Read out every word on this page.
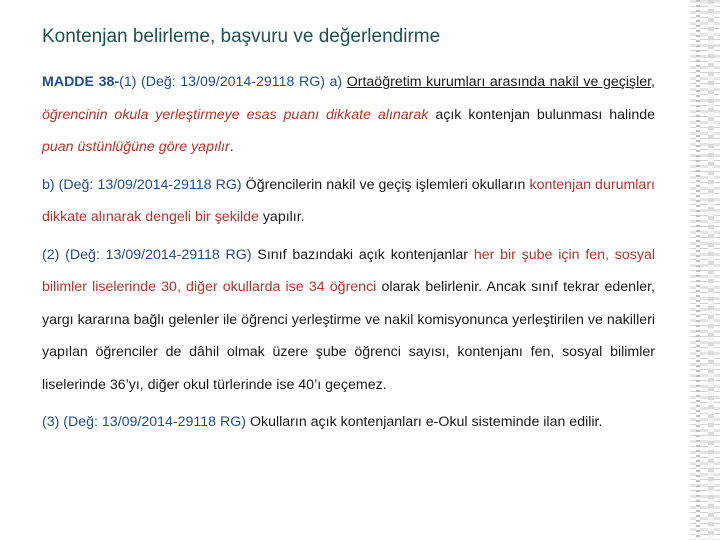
Kontenjan belirleme, başvuru ve değerlendirme

MADDE 38-(1) (Değ: 13/09/2014-29118 RG) a) Ortaöğretim kurumları arasında nakil ve geçişler, öğrencinin okula yerleştirmeye esas puanı dikkate alınarak açık kontenjan bulunması halinde puan üstünlüğüne göre yapılır.

b) (Değ: 13/09/2014-29118 RG) Öğrencilerin nakil ve geçiş işlemleri okulların kontenjan durumları dikkate alınarak dengeli bir şekilde yapılır.

(2) (Değ: 13/09/2014-29118 RG) Sınıf bazındaki açık kontenjanlar her bir şube için fen, sosyal bilimler liselerinde 30, diğer okullarda ise 34 öğrenci olarak belirlenir. Ancak sınıf tekrar edenler, yargı kararına bağlı gelenler ile öğrenci yerleştirme ve nakil komisyonunca yerleştirilen ve nakilleri yapılan öğrenciler de dâhil olmak üzere şube öğrenci sayısı, kontenjanı fen, sosyal bilimler liselerinde 36’yı, diğer okul türlerinde ise 40’ı geçemez.

(3) (Değ: 13/09/2014-29118 RG) Okulların açık kontenjanları e-Okul sisteminde ilan edilir.
